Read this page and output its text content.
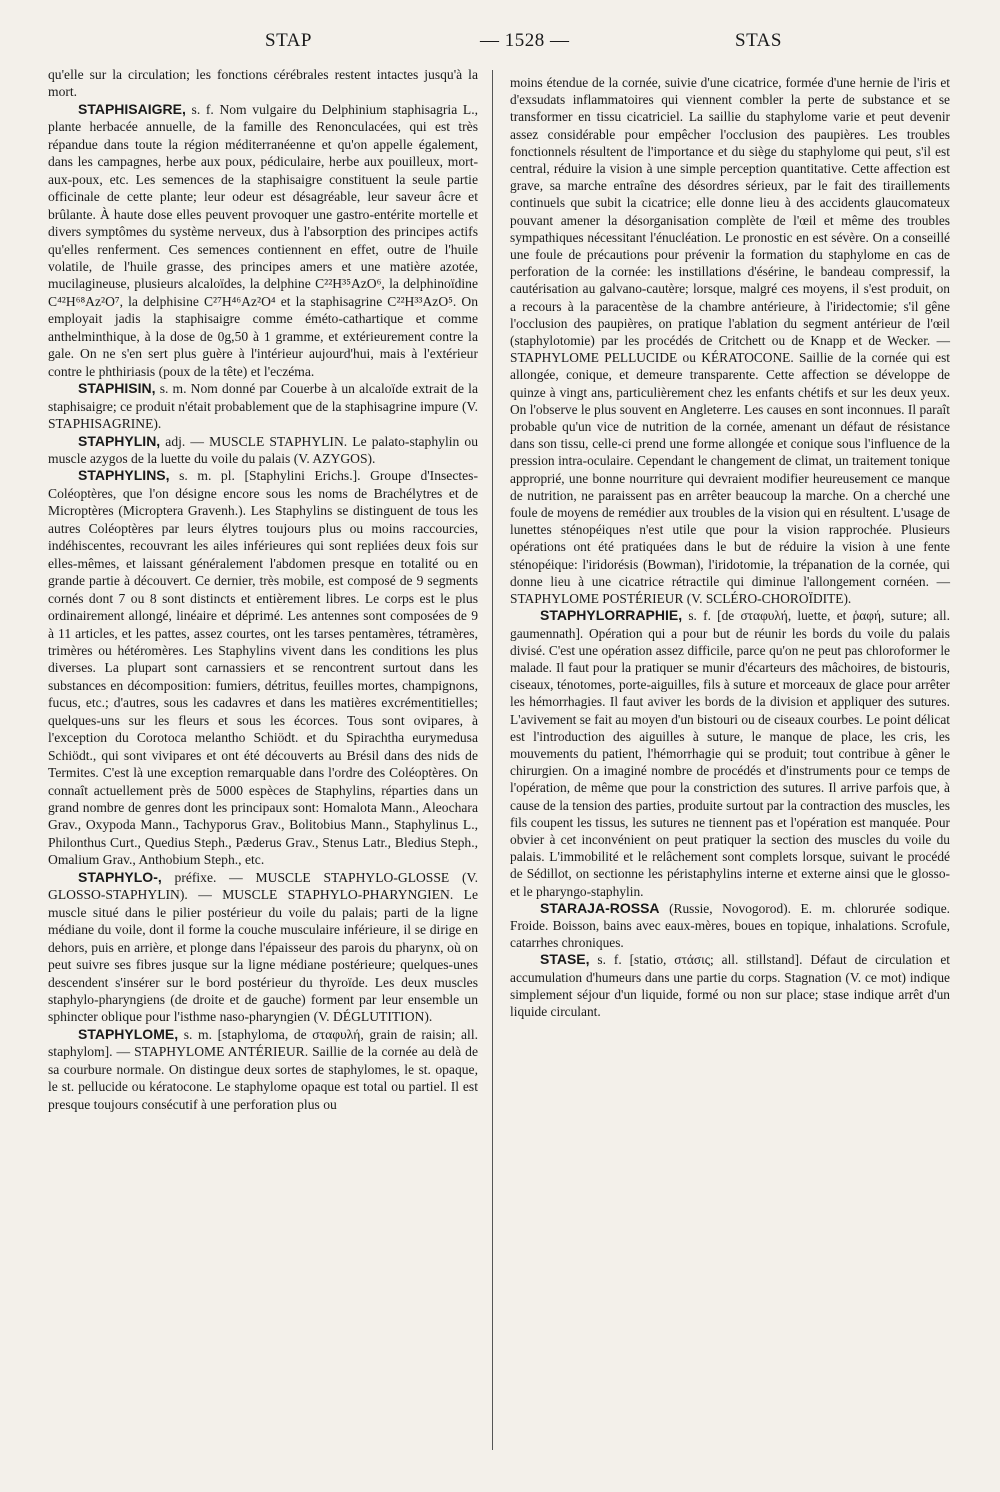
STAP	— 1528 —	STAS

qu'elle sur la circulation; les fonctions cérébrales restent intactes jusqu'à la mort.

STAPHISAIGRE, s. f. Nom vulgaire du Delphinium staphisagria L., plante herbacée annuelle, de la famille des Renonculacées, qui est très répandue dans toute la région méditerranéenne et qu'on appelle également, dans les campagnes, herbe aux poux, pédiculaire, herbe aux pouilleux, mort-aux-poux, etc. Les semences de la staphisaigre constituent la seule partie officinale de cette plante; leur odeur est désagréable, leur saveur âcre et brûlante. À haute dose elles peuvent provoquer une gastro-entérite mortelle et divers symptômes du système nerveux, dus à l'absorption des principes actifs qu'elles renferment. Ces semences contiennent en effet, outre de l'huile volatile, de l'huile grasse, des principes amers et une matière azotée, mucilagineuse, plusieurs alcaloïdes, la delphine C²²H³⁵AzO⁶, la delphinoïdine C⁴²H⁶⁸Az²O⁷, la delphisine C²⁷H⁴⁶Az²O⁴ et la staphisagrine C²²H³³AzO⁵. On employait jadis la staphisaigre comme éméto-cathartique et comme anthelminthique, à la dose de 0g,50 à 1 gramme, et extérieurement contre la gale. On ne s'en sert plus guère à l'intérieur aujourd'hui, mais à l'extérieur contre le phthiriasis (poux de la tête) et l'eczéma.

STAPHISIN, s. m. Nom donné par Couerbe à un alcaloïde extrait de la staphisaigre; ce produit n'était probablement que de la staphisagrine impure (V. STAPHISAGRINE).

STAPHYLIN, adj. — MUSCLE STAPHYLIN. Le palato-staphylin ou muscle azygos de la luette du voile du palais (V. AZYGOS).

STAPHYLINS, s. m. pl. [Staphylini Erichs.]. Groupe d'Insectes-Coléoptères, que l'on désigne encore sous les noms de Brachélytres et de Microptères (Microptera Gravenh.). Les Staphylins se distinguent de tous les autres Coléoptères par leurs élytres toujours plus ou moins raccourcies, indéhiscentes, recouvrant les ailes inférieures qui sont repliées deux fois sur elles-mêmes, et laissant généralement l'abdomen presque en totalité ou en grande partie à découvert. Ce dernier, très mobile, est composé de 9 segments cornés dont 7 ou 8 sont distincts et entièrement libres. Le corps est le plus ordinairement allongé, linéaire et déprimé. Les antennes sont composées de 9 à 11 articles, et les pattes, assez courtes, ont les tarses pentamères, tétramères, trimères ou hétéromères. Les Staphylins vivent dans les conditions les plus diverses. La plupart sont carnassiers et se rencontrent surtout dans les substances en décomposition: fumiers, détritus, feuilles mortes, champignons, fucus, etc.; d'autres, sous les cadavres et dans les matières excrémentitielles; quelques-uns sur les fleurs et sous les écorces. Tous sont ovipares, à l'exception du Corotoca melantho Schiödt. et du Spirachtha eurymedusa Schiödt., qui sont vivipares et ont été découverts au Brésil dans des nids de Termites. C'est là une exception remarquable dans l'ordre des Coléoptères. On connaît actuellement près de 5000 espèces de Staphylins, réparties dans un grand nombre de genres dont les principaux sont: Homalota Mann., Aleochara Grav., Oxypoda Mann., Tachyporus Grav., Bolitobius Mann., Staphylinus L., Philonthus Curt., Quedius Steph., Pæderus Grav., Stenus Latr., Bledius Steph., Omalium Grav., Anthobium Steph., etc.

STAPHYLO-, préfixe. — MUSCLE STAPHYLO-GLOSSE (V. GLOSSO-STAPHYLIN). — MUSCLE STAPHYLO-PHARYNGIEN. Le muscle situé dans le pilier postérieur du voile du palais; parti de la ligne médiane du voile, dont il forme la couche musculaire inférieure, il se dirige en dehors, puis en arrière, et plonge dans l'épaisseur des parois du pharynx, où on peut suivre ses fibres jusque sur la ligne médiane postérieure; quelques-unes descendent s'insérer sur le bord postérieur du thyroïde. Les deux muscles staphylo-pharyngiens (de droite et de gauche) forment par leur ensemble un sphincter oblique pour l'isthme naso-pharyngien (V. DÉGLUTITION).

STAPHYLOME, s. m. [staphyloma, de σταφυλή, grain de raisin; all. staphylom]. — STAPHYLOME ANTÉRIEUR. Saillie de la cornée au delà de sa courbure normale. On distingue deux sortes de staphylomes, le st. opaque, le st. pellucide ou kératocone. Le staphylome opaque est total ou partiel. Il est presque toujours consécutif à une perforation plus ou

moins étendue de la cornée, suivie d'une cicatrice, formée d'une hernie de l'iris et d'exsudats inflammatoires qui viennent combler la perte de substance et se transformer en tissu cicatriciel. La saillie du staphylome varie et peut devenir assez considérable pour empêcher l'occlusion des paupières. Les troubles fonctionnels résultent de l'importance et du siège du staphylome qui peut, s'il est central, réduire la vision à une simple perception quantitative. Cette affection est grave, sa marche entraîne des désordres sérieux, par le fait des tiraillements continuels que subit la cicatrice; elle donne lieu à des accidents glaucomateux pouvant amener la désorganisation complète de l'œil et même des troubles sympathiques nécessitant l'énucléation. Le pronostic en est sévère. On a conseillé une foule de précautions pour prévenir la formation du staphylome en cas de perforation de la cornée: les instillations d'ésérine, le bandeau compressif, la cautérisation au galvano-cautère; lorsque, malgré ces moyens, il s'est produit, on a recours à la paracentèse de la chambre antérieure, à l'iridectomie; s'il gêne l'occlusion des paupières, on pratique l'ablation du segment antérieur de l'œil (staphylotomie) par les procédés de Critchett ou de Knapp et de Wecker. — STAPHYLOME PELLUCIDE ou KÉRATOCONE. Saillie de la cornée qui est allongée, conique, et demeure transparente. Cette affection se développe de quinze à vingt ans, particulièrement chez les enfants chétifs et sur les deux yeux. On l'observe le plus souvent en Angleterre. Les causes en sont inconnues. Il paraît probable qu'un vice de nutrition de la cornée, amenant un défaut de résistance dans son tissu, celle-ci prend une forme allongée et conique sous l'influence de la pression intra-oculaire. Cependant le changement de climat, un traitement tonique approprié, une bonne nourriture qui devraient modifier heureusement ce manque de nutrition, ne paraissent pas en arrêter beaucoup la marche. On a cherché une foule de moyens de remédier aux troubles de la vision qui en résultent. L'usage de lunettes sténopéiques n'est utile que pour la vision rapprochée. Plusieurs opérations ont été pratiquées dans le but de réduire la vision à une fente sténopéique: l'iridorésis (Bowman), l'iridotomie, la trépanation de la cornée, qui donne lieu à une cicatrice rétractile qui diminue l'allongement cornéen. — STAPHYLOME POSTÉRIEUR (V. SCLÉRO-CHOROÏDITE).

STAPHYLORRAPHIE, s. f. [de σταφυλή, luette, et ῥαφή, suture; all. gaumennath]. Opération qui a pour but de réunir les bords du voile du palais divisé. C'est une opération assez difficile, parce qu'on ne peut pas chloroformer le malade. Il faut pour la pratiquer se munir d'écarteurs des mâchoires, de bistouris, ciseaux, ténotomes, porte-aiguilles, fils à suture et morceaux de glace pour arrêter les hémorrhagies. Il faut aviver les bords de la division et appliquer des sutures. L'avivement se fait au moyen d'un bistouri ou de ciseaux courbes. Le point délicat est l'introduction des aiguilles à suture, le manque de place, les cris, les mouvements du patient, l'hémorrhagie qui se produit; tout contribue à gêner le chirurgien. On a imaginé nombre de procédés et d'instruments pour ce temps de l'opération, de même que pour la constriction des sutures. Il arrive parfois que, à cause de la tension des parties, produite surtout par la contraction des muscles, les fils coupent les tissus, les sutures ne tiennent pas et l'opération est manquée. Pour obvier à cet inconvénient on peut pratiquer la section des muscles du voile du palais. L'immobilité et le relâchement sont complets lorsque, suivant le procédé de Sédillot, on sectionne les péristaphylins interne et externe ainsi que le glosso- et le pharyngo-staphylin.

STARAJA-ROSSA (Russie, Novogorod). E. m. chlorurée sodique. Froide. Boisson, bains avec eaux-mères, boues en topique, inhalations. Scrofule, catarrhes chroniques.

STASE, s. f. [statio, στάσις; all. stillstand]. Défaut de circulation et accumulation d'humeurs dans une partie du corps. Stagnation (V. ce mot) indique simplement séjour d'un liquide, formé ou non sur place; stase indique arrêt d'un liquide circulant.
